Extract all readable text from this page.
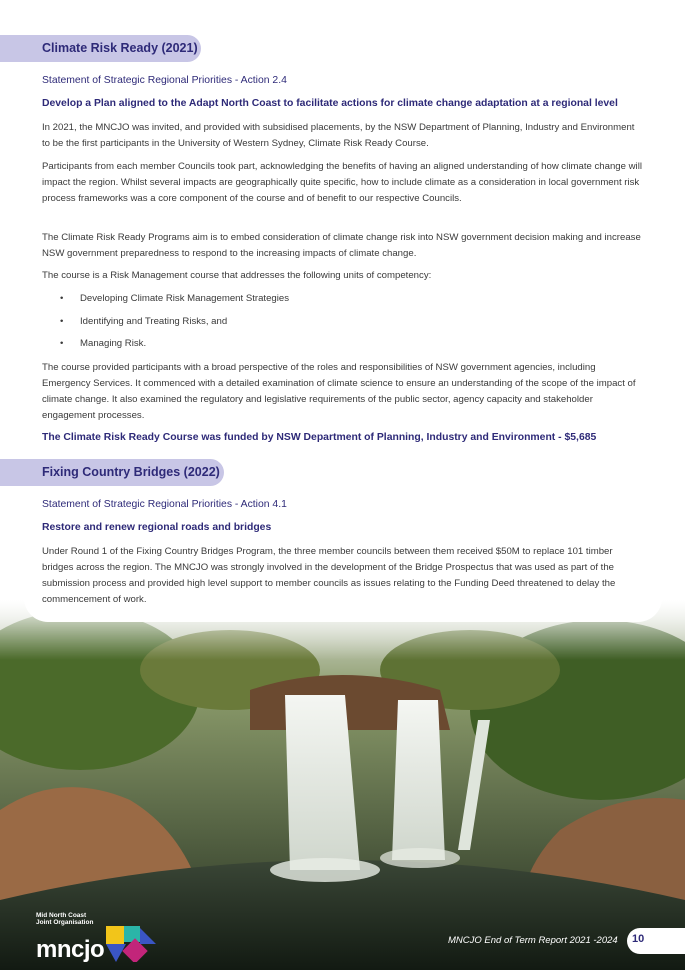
Climate Risk Ready (2021)
Statement of Strategic Regional Priorities - Action 2.4
Develop a Plan aligned to the Adapt North Coast to facilitate actions for climate change adaptation at a regional level

In 2021, the MNCJO was invited, and provided with subsidised placements, by the NSW Department of Planning, Industry and Environment to be the first participants in the University of Western Sydney, Climate Risk Ready Course.

Participants from each member Councils took part, acknowledging the benefits of having an aligned understanding of how climate change will impact the region. Whilst several impacts are geographically quite specific, how to include climate as a consideration in local government risk process frameworks was a core component of the course and of benefit to our respective Councils.

The Climate Risk Ready Programs aim is to embed consideration of climate change risk into NSW government decision making and increase NSW government preparedness to respond to the increasing impacts of climate change.

The course is a Risk Management course that addresses the following units of competency:

• Developing Climate Risk Management Strategies
• Identifying and Treating Risks, and
• Managing Risk.

The course provided participants with a broad perspective of the roles and responsibilities of NSW government agencies, including Emergency Services. It commenced with a detailed examination of climate science to ensure an understanding of the scope of the impact of climate change. It also examined the regulatory and legislative requirements of the public sector, agency capacity and stakeholder engagement processes.

The Climate Risk Ready Course was funded by NSW Department of Planning, Industry and Environment - $5,685
Fixing Country Bridges (2022)
Statement of Strategic Regional Priorities - Action 4.1
Restore and renew regional roads and bridges

Under Round 1 of the Fixing Country Bridges Program, the three member councils between them received $50M to replace 101 timber bridges across the region. The MNCJO was strongly involved in the development of the Bridge Prospectus that was used as part of the submission process and provided high level support to member councils as issues relating to the Funding Deed threatened to delay the commencement of work.

Mid North Coast
Joint Organisation
mncjo	MNCJO End of Term Report 2021 -2024 10
